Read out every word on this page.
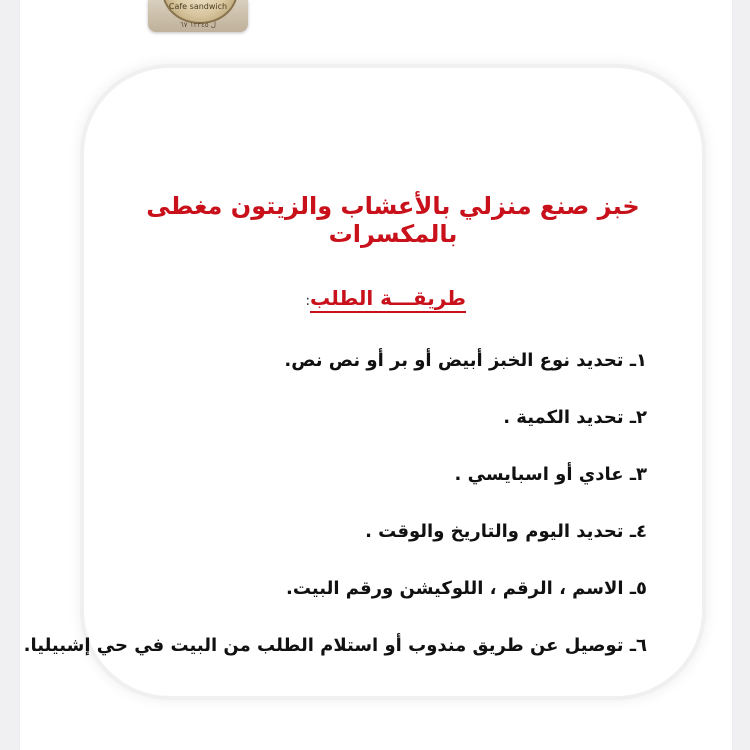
Cafe sandwich
ل ١٢٣٤٥ ٦٧
خبز صنع منزلي بالأعشاب والزيتون مغطى بالمكسرات
طريقـــة الطلب:
١ـ تحديد نوع الخبز أبيض أو بر أو نص نص.
٢ـ تحديد الكمية .
٣ـ عادي أو اسبايسي .
٤ـ تحديد اليوم والتاريخ والوقت .
٥ـ الاسم ، الرقم ، اللوكيشن ورقم البيت.
٦ـ توصيل عن طريق مندوب أو استلام الطلب من البيت في حي إشبيليا.
